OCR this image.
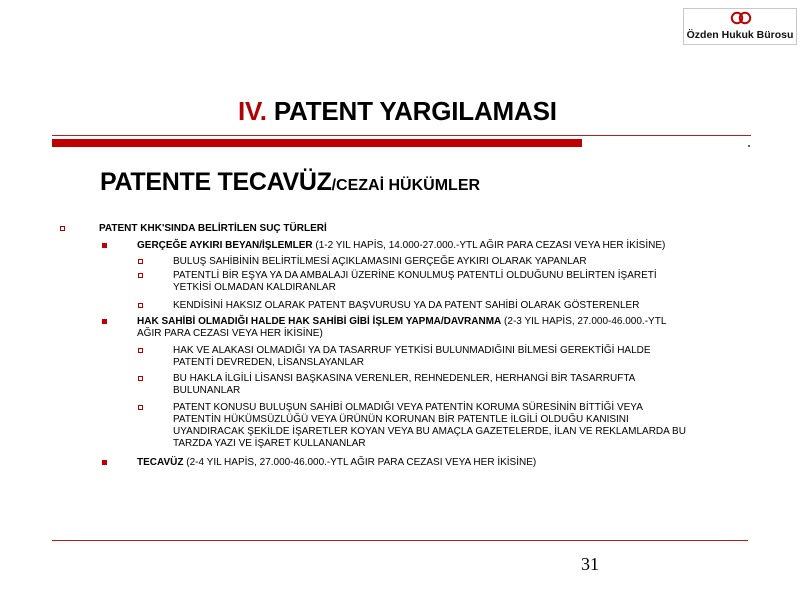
Özden Hukuk Bürosu
IV. PATENT YARGILAMASI
PATENTE TECAVÜZ/CEZAİ HÜKÜMLER
PATENT KHK'SINDA BELİRTİLEN SUÇ TÜRLERİ
GERÇEĞE AYKIRI BEYAN/İŞLEMLER (1-2 YIL HAPİS, 14.000-27.000.-YTL AĞIR PARA CEZASI VEYA HER İKİSİNE)
BULUŞ SAHİBİNİN BELİRTİLMESİ AÇIKLAMASINI GERÇEĞE AYKIRI OLARAK YAPANLAR
PATENTLİ BİR EŞYA YA DA AMBALAJI ÜZERİNE KONULMUŞ PATENTLİ OLDUĞUNU BELİRTEN İŞARETİ
YETKİSİ OLMADAN KALDIRANLAR
KENDİSİNİ HAKSIZ OLARAK PATENT BAŞVURUSU YA DA PATENT SAHİBİ OLARAK GÖSTERENLER
HAK SAHİBİ OLMADIĞI HALDE HAK SAHİBİ GİBİ İŞLEM YAPMA/DAVRANMA (2-3 YIL HAPİS, 27.000-46.000.-YTL
AĞIR PARA CEZASI VEYA HER İKİSİNE)
HAK VE ALAKASI OLMADIĞI YA DA TASARRUF YETKİSİ BULUNMADIĞINI BİLMESİ GEREKTİĞİ HALDE
PATENTİ DEVREDEN, LİSANSLAYANLAR
BU HAKLA İLGİLİ LİSANSI BAŞKASINA VERENLER, REHNEDENLER, HERHANGİ BİR TASARRUFTA
BULUNANLAR
PATENT KONUSU BULUŞUN SAHİBİ OLMADIĞI VEYA PATENTİN KORUMA SÜRESİNİN BİTTİĞİ VEYA
PATENTİN HÜKÜMSÜZLÜĞÜ VEYA ÜRÜNÜN KORUNAN BİR PATENTLE İLGİLİ OLDUĞU KANISINI
UYANDIRACAK ŞEKİLDE İŞARETLER KOYAN VEYA BU AMAÇLA GAZETELERDE, İLAN VE REKLAMLARDA BU
TARZDA YAZI VE İŞARET KULLANANLAR
TECAVÜZ (2-4 YIL HAPİS, 27.000-46.000.-YTL AĞIR PARA CEZASI VEYA HER İKİSİNE)
31
